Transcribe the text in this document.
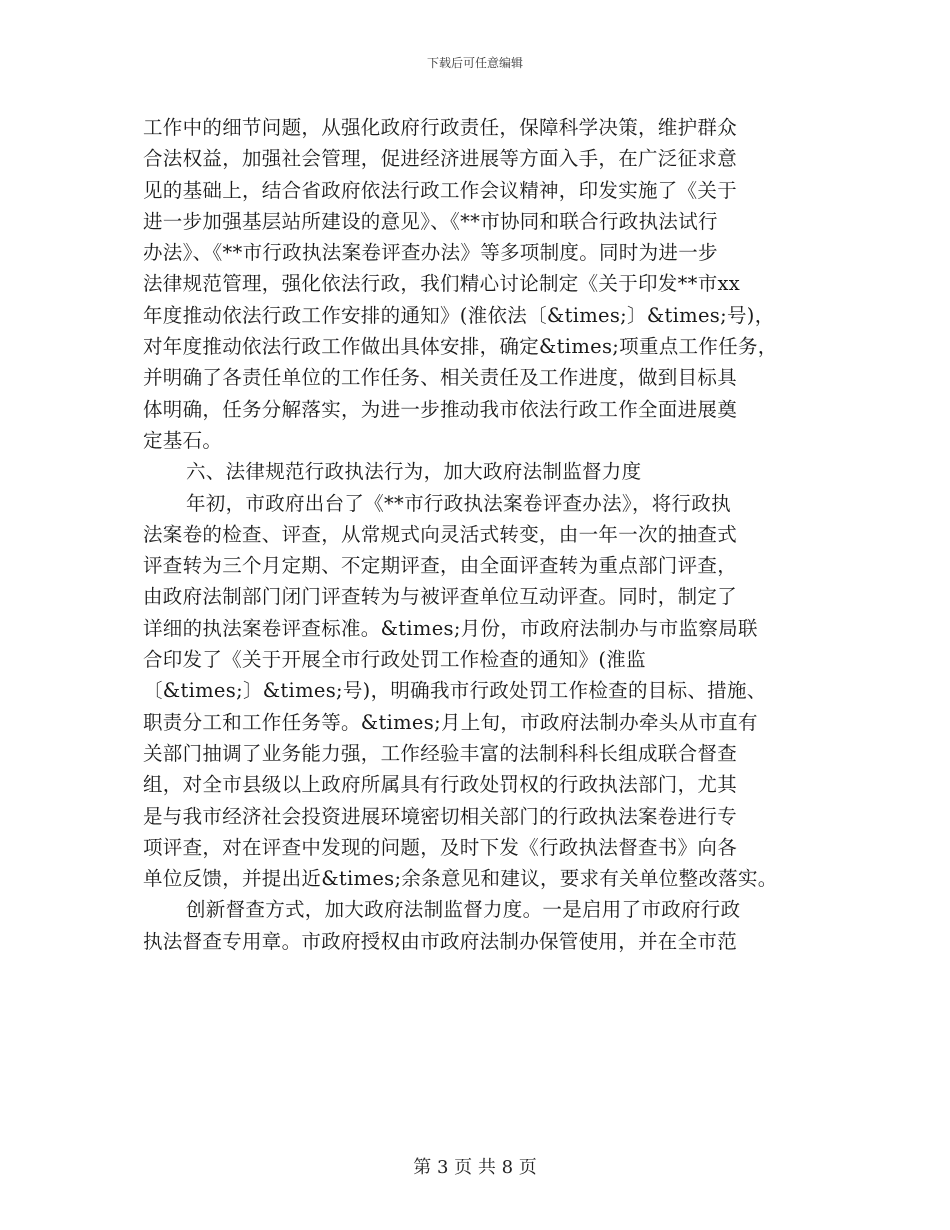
下载后可任意编辑
工作中的细节问题，从强化政府行政责任，保障科学决策，维护群众
合法权益，加强社会管理，促进经济进展等方面入手，在广泛征求意
见的基础上，结合省政府依法行政工作会议精神，印发实施了《关于
进一步加强基层站所建设的意见》、《**市协同和联合行政执法试行
办法》、《**市行政执法案卷评查办法》等多项制度。同时为进一步
法律规范管理，强化依法行政，我们精心讨论制定《关于印发**市xx
年度推动依法行政工作安排的通知》(淮依法〔&times;〕&times;号)，
对年度推动依法行政工作做出具体安排，确定&times;项重点工作任务，
并明确了各责任单位的工作任务、相关责任及工作进度，做到目标具
体明确，任务分解落实，为进一步推动我市依法行政工作全面进展奠
定基石。
六、法律规范行政执法行为，加大政府法制监督力度
年初，市政府出台了《**市行政执法案卷评查办法》，将行政执
法案卷的检查、评查，从常规式向灵活式转变，由一年一次的抽查式
评查转为三个月定期、不定期评查，由全面评查转为重点部门评查，
由政府法制部门闭门评查转为与被评查单位互动评查。同时，制定了
详细的执法案卷评查标准。&times;月份，市政府法制办与市监察局联
合印发了《关于开展全市行政处罚工作检查的通知》(淮监
〔&times;〕&times;号)，明确我市行政处罚工作检查的目标、措施、
职责分工和工作任务等。&times;月上旬，市政府法制办牵头从市直有
关部门抽调了业务能力强，工作经验丰富的法制科科长组成联合督查
组，对全市县级以上政府所属具有行政处罚权的行政执法部门，尤其
是与我市经济社会投资进展环境密切相关部门的行政执法案卷进行专
项评查，对在评查中发现的问题，及时下发《行政执法督查书》向各
单位反馈，并提出近&times;余条意见和建议，要求有关单位整改落实。
创新督查方式，加大政府法制监督力度。一是启用了市政府行政
执法督查专用章。市政府授权由市政府法制办保管使用，并在全市范
第 3 页 共 8 页
